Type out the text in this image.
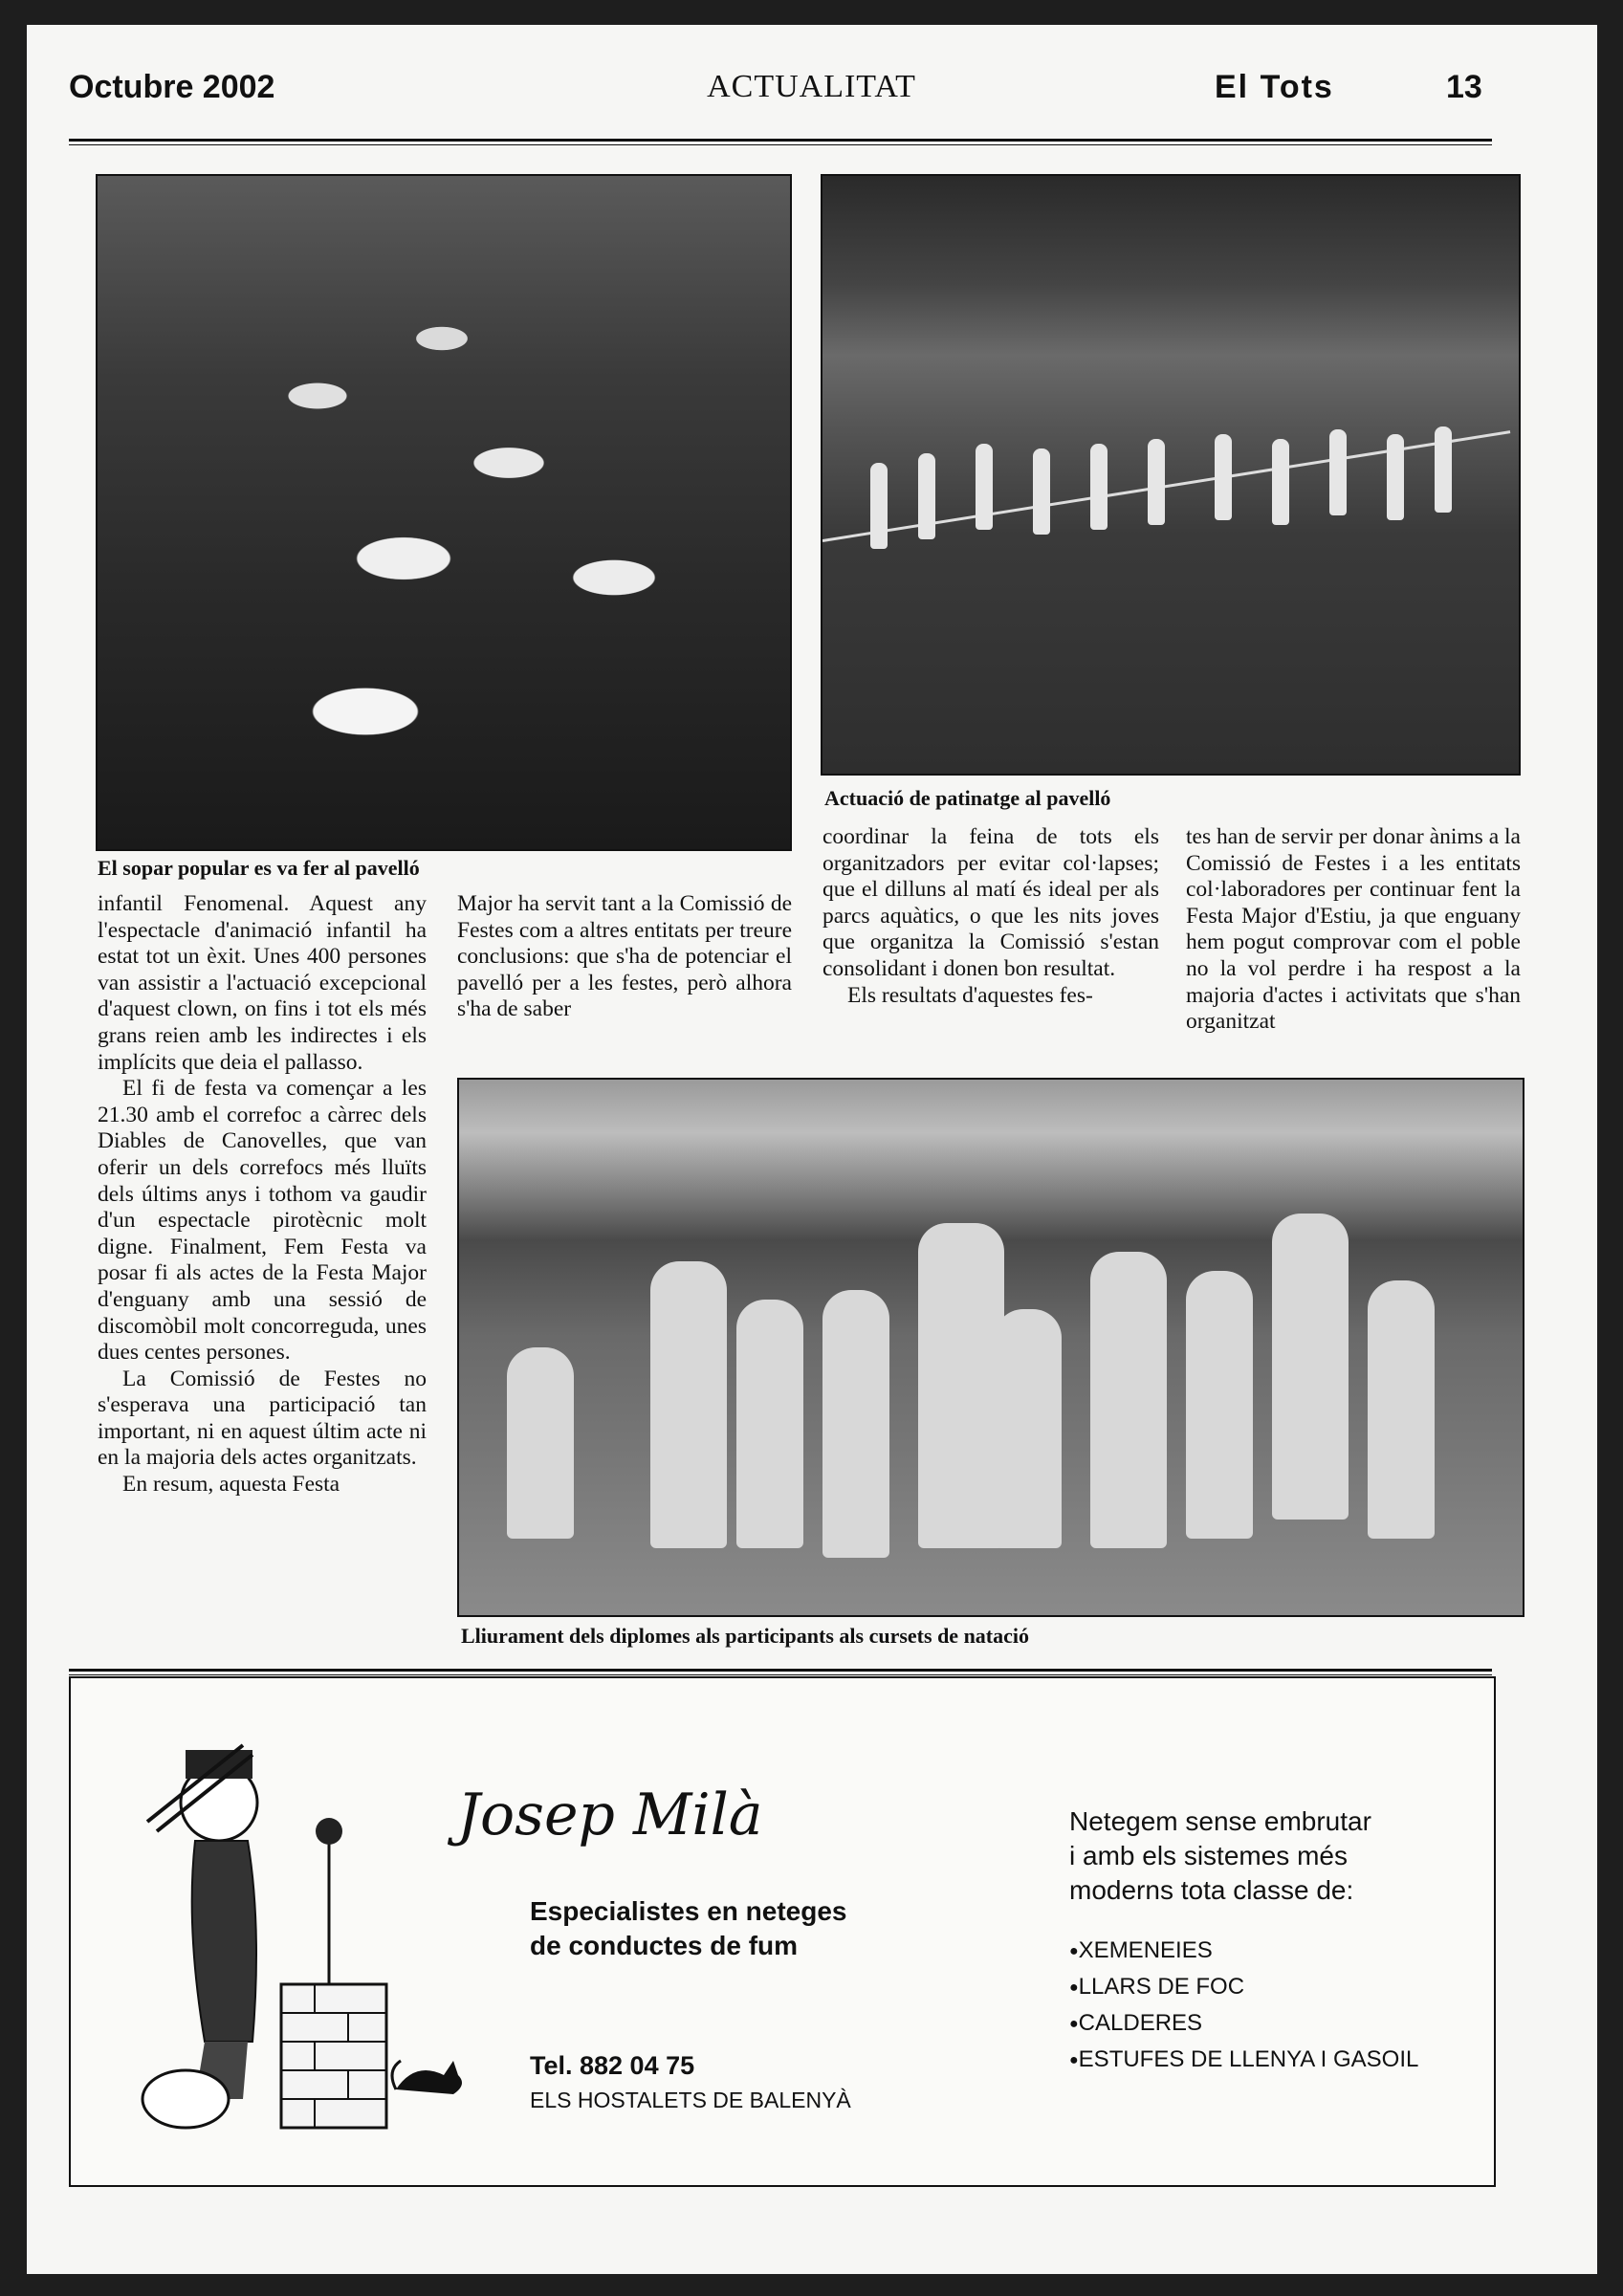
Octubre 2002	ACTUALITAT	El Tots	13
El sopar popular es va fer al pavelló
Actuació de patinatge al pavelló

infantil Fenomenal. Aquest any l'espectacle d'animació infantil ha estat tot un èxit. Unes 400 persones van assistir a l'actuació excepcional d'aquest clown, on fins i tot els més grans reien amb les indirectes i els implícits que deia el pallasso.

El fi de festa va començar a les 21.30 amb el correfoc a càrrec dels Diables de Canovelles, que van oferir un dels correfocs més lluïts dels últims anys i tothom va gaudir d'un espectacle pirotècnic molt digne. Finalment, Fem Festa va posar fi als actes de la Festa Major d'enguany amb una sessió de discomòbil molt concorreguda, unes dues centes persones.

La Comissió de Festes no s'esperava una participació tan important, ni en aquest últim acte ni en la majoria dels actes organitzats.

En resum, aquesta Festa

Major ha servit tant a la Comissió de Festes com a altres entitats per treure conclusions: que s'ha de potenciar el pavelló per a les festes, però alhora s'ha de saber

coordinar la feina de tots els organitzadors per evitar col·lapses; que el dilluns al matí és ideal per als parcs aquàtics, o que les nits joves que organitza la Comissió s'estan consolidant i donen bon resultat.

Els resultats d'aquestes fes-

tes han de servir per donar ànims a la Comissió de Festes i a les entitats col·laboradores per continuar fent la Festa Major d'Estiu, ja que enguany hem pogut comprovar com el poble no la vol perdre i ha respost a la majoria d'actes i activitats que s'han organitzat

Lliurament dels diplomes als participants als cursets de natació
Josep Milà
Especialistes en neteges
de conductes de fum
Tel. 882 04 75
ELS HOSTALETS DE BALENYÀ
Netegem sense embrutar
i amb els sistemes més
moderns tota classe de:
● XEMENEIES
● LLARS DE FOC
● CALDERES
● ESTUFES DE LLENYA I GASOIL
